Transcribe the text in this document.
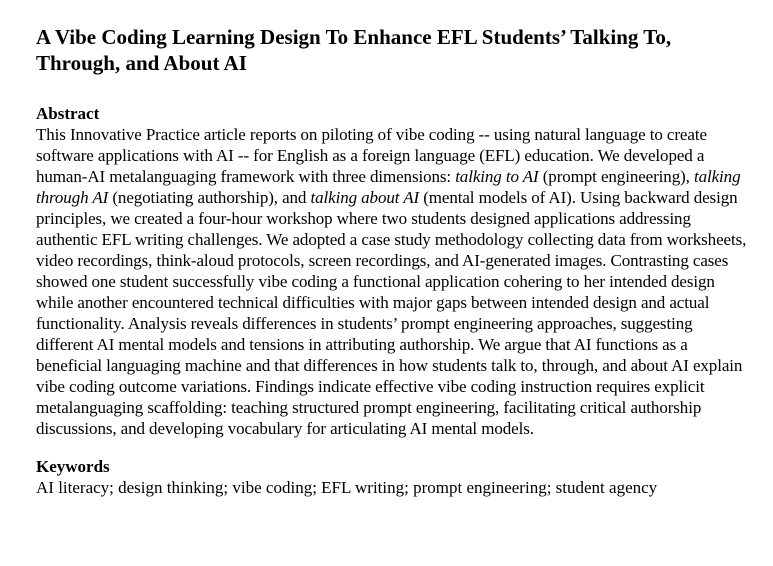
A Vibe Coding Learning Design To Enhance EFL Students’ Talking To, Through, and About AI
Abstract

This Innovative Practice article reports on piloting of vibe coding -- using natural language to create software applications with AI -- for English as a foreign language (EFL) education. We developed a human-AI metalanguaging framework with three dimensions: talking to AI (prompt engineering), talking through AI (negotiating authorship), and talking about AI (mental models of AI). Using backward design principles, we created a four-hour workshop where two students designed applications addressing authentic EFL writing challenges. We adopted a case study methodology collecting data from worksheets, video recordings, think-aloud protocols, screen recordings, and AI-generated images. Contrasting cases showed one student successfully vibe coding a functional application cohering to her intended design while another encountered technical difficulties with major gaps between intended design and actual functionality. Analysis reveals differences in students’ prompt engineering approaches, suggesting different AI mental models and tensions in attributing authorship. We argue that AI functions as a beneficial languaging machine and that differences in how students talk to, through, and about AI explain vibe coding outcome variations. Findings indicate effective vibe coding instruction requires explicit metalanguaging scaffolding: teaching structured prompt engineering, facilitating critical authorship discussions, and developing vocabulary for articulating AI mental models.

Keywords

AI literacy; design thinking; vibe coding; EFL writing; prompt engineering; student agency
